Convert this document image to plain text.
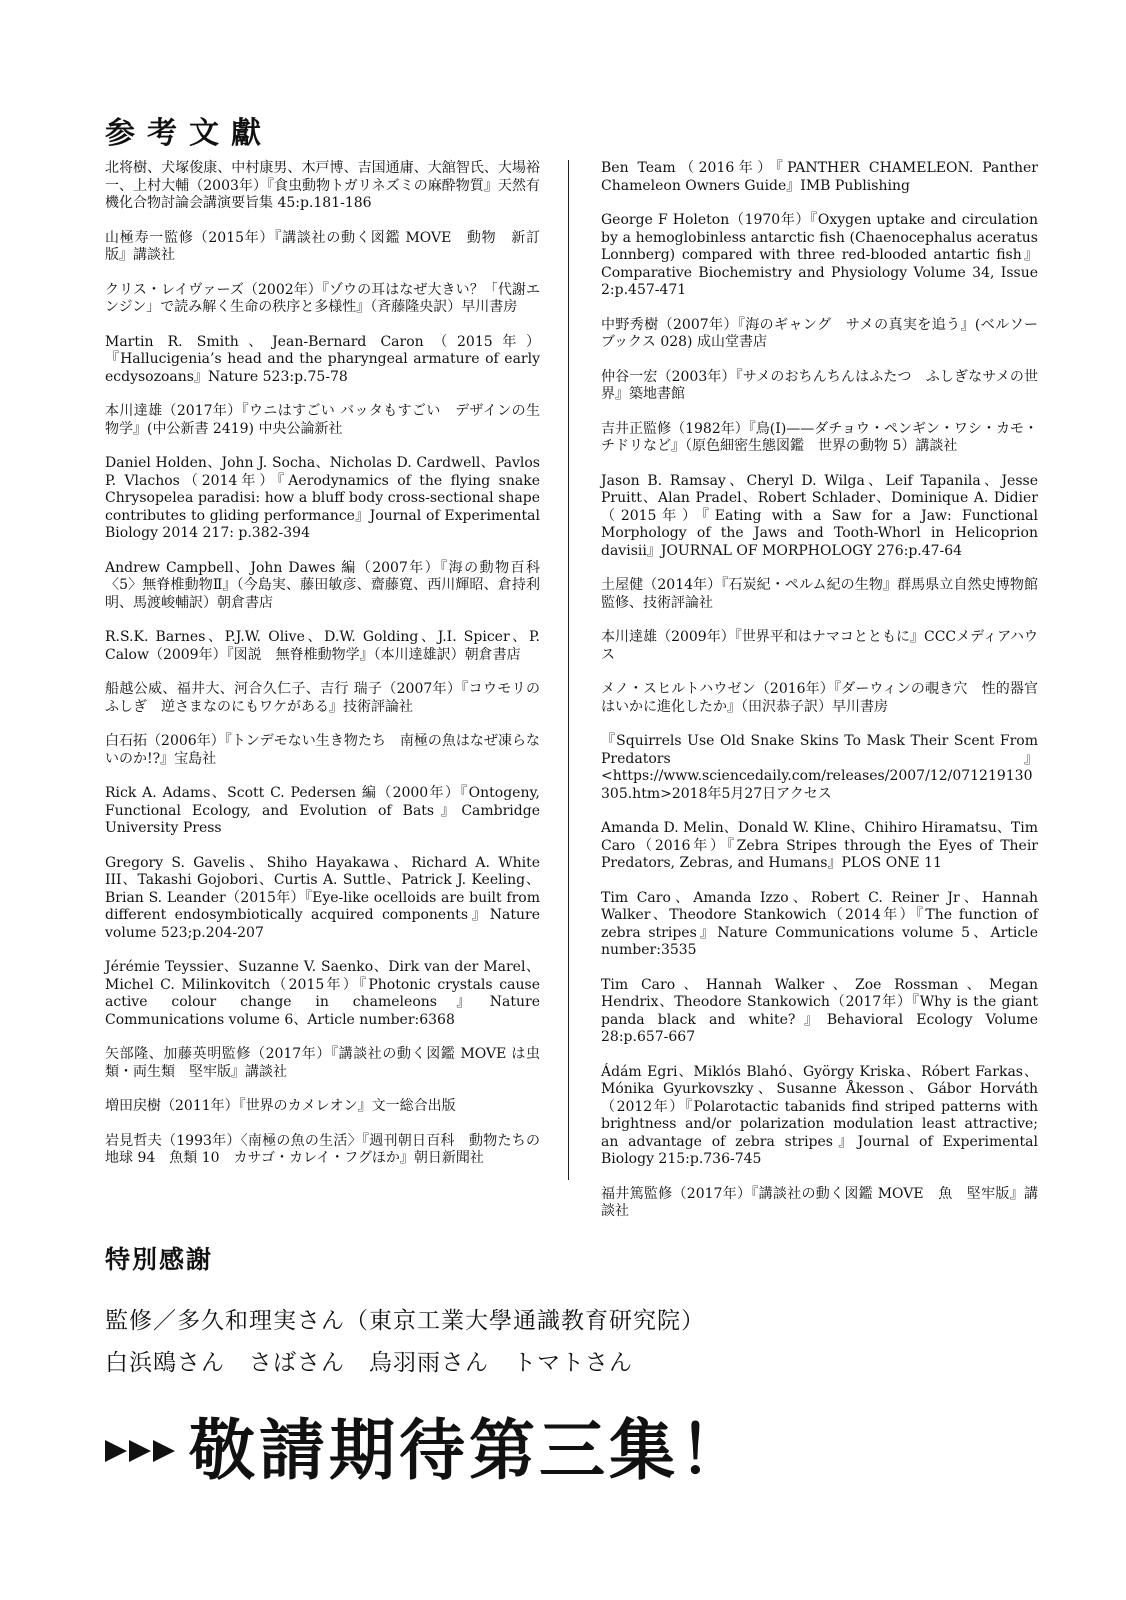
参考文獻

北将樹、犬塚俊康、中村康男、木戸博、吉国通庸、大舘智氏、大場裕一、上村大輔（2003年）『食虫動物トガリネズミの麻酔物質』天然有機化合物討論会講演要旨集 45:p.181-186

山極寿一監修（2015年）『講談社の動く図鑑 MOVE　動物　新訂版』講談社

クリス・レイヴァーズ（2002年）『ゾウの耳はなぜ大きい？「代謝エンジン」で読み解く生命の秩序と多様性』（斉藤隆央訳）早川書房

Martin R. Smith、Jean-Bernard Caron（2015年）『Hallucigenia’s head and the pharyngeal armature of early ecdysozoans』Nature 523:p.75-78

本川達雄（2017年）『ウニはすごい バッタもすごい　デザインの生物学』(中公新書 2419) 中央公論新社

Daniel Holden、John J. Socha、Nicholas D. Cardwell、Pavlos P. Vlachos（2014年）『Aerodynamics of the flying snake Chrysopelea paradisi: how a bluff body cross-sectional shape contributes to gliding performance』Journal of Experimental Biology 2014 217: p.382-394

Andrew Campbell、John Dawes 編（2007年）『海の動物百科〈5〉無脊椎動物Ⅱ』（今島実、藤田敏彦、齋藤寛、西川輝昭、倉持利明、馬渡峻輔訳）朝倉書店

R.S.K. Barnes、P.J.W. Olive、D.W. Golding、J.I. Spicer、P. Calow（2009年）『図説　無脊椎動物学』（本川達雄訳）朝倉書店

船越公威、福井大、河合久仁子、吉行 瑞子（2007年）『コウモリのふしぎ　逆さまなのにもワケがある』技術評論社

白石拓（2006年）『トンデモない生き物たち　南極の魚はなぜ凍らないのか!?』宝島社

Rick A. Adams、Scott C. Pedersen 編（2000年）『Ontogeny, Functional Ecology, and Evolution of Bats』Cambridge University Press

Gregory S. Gavelis、Shiho Hayakawa、Richard A. White III、Takashi Gojobori、Curtis A. Suttle、Patrick J. Keeling、Brian S. Leander（2015年）『Eye-like ocelloids are built from different endosymbiotically acquired components』Nature volume 523;p.204-207

Jérémie Teyssier、Suzanne V. Saenko、Dirk van der Marel、Michel C. Milinkovitch（2015年）『Photonic crystals cause active colour change in chameleons』Nature Communications volume 6、Article number:6368

矢部隆、加藤英明監修（2017年）『講談社の動く図鑑 MOVE は虫類・両生類　堅牢版』講談社

増田戻樹（2011年）『世界のカメレオン』文一総合出版

岩見哲夫（1993年）〈南極の魚の生活〉『週刊朝日百科　動物たちの地球 94　魚類 10　カサゴ・カレイ・フグほか』朝日新聞社

Ben Team（2016年）『PANTHER CHAMELEON. Panther Chameleon Owners Guide』IMB Publishing

George F Holeton（1970年）『Oxygen uptake and circulation by a hemoglobinless antarctic fish (Chaenocephalus aceratus Lonnberg) compared with three red-blooded antartic fish』Comparative Biochemistry and Physiology Volume 34, Issue 2:p.457-471

中野秀樹（2007年）『海のギャング　サメの真実を追う』(ベルソーブックス 028) 成山堂書店

仲谷一宏（2003年）『サメのおちんちんはふたつ　ふしぎなサメの世界』築地書館

吉井正監修（1982年）『鳥(Ⅰ)——ダチョウ・ペンギン・ワシ・カモ・チドリなど』（原色細密生態図鑑　世界の動物 5）講談社

Jason B. Ramsay、Cheryl D. Wilga、Leif Tapanila、Jesse Pruitt、Alan Pradel、Robert Schlader、Dominique A. Didier（2015年）『Eating with a Saw for a Jaw: Functional Morphology of the Jaws and Tooth-Whorl in Helicoprion davisii』JOURNAL OF MORPHOLOGY 276:p.47-64

土屋健（2014年）『石炭紀・ペルム紀の生物』群馬県立自然史博物館監修、技術評論社

本川達雄（2009年）『世界平和はナマコとともに』CCCメディアハウス

メノ・スヒルトハウゼン（2016年）『ダーウィンの覗き穴　性的器官はいかに進化したか』（田沢恭子訳）早川書房

『Squirrels Use Old Snake Skins To Mask Their Scent From Predators』<https://www.sciencedaily.com/releases/2007/12/071219130305.htm>2018年5月27日アクセス

Amanda D. Melin、Donald W. Kline、Chihiro Hiramatsu、Tim Caro（2016年）『Zebra Stripes through the Eyes of Their Predators, Zebras, and Humans』PLOS ONE 11

Tim Caro、Amanda Izzo、Robert C. Reiner Jr、Hannah Walker、Theodore Stankowich（2014年）『The function of zebra stripes』Nature Communications volume 5、Article number:3535

Tim Caro、Hannah Walker、Zoe Rossman、Megan Hendrix、Theodore Stankowich（2017年）『Why is the giant panda black and white?』Behavioral Ecology Volume 28:p.657-667

Ádám Egri、Miklós Blahó、György Kriska、Róbert Farkas、Mónika Gyurkovszky、Susanne Åkesson、Gábor Horváth（2012年）『Polarotactic tabanids find striped patterns with brightness and/or polarization modulation least attractive; an advantage of zebra stripes』Journal of Experimental Biology 215:p.736-745

福井篤監修（2017年）『講談社の動く図鑑 MOVE　魚　堅牢版』講談社

特別感謝

監修／多久和理実さん（東京工業大學通識教育研究院）

白浜鴎さん　さばさん　烏羽雨さん　トマトさん

敬請期待第三集！
